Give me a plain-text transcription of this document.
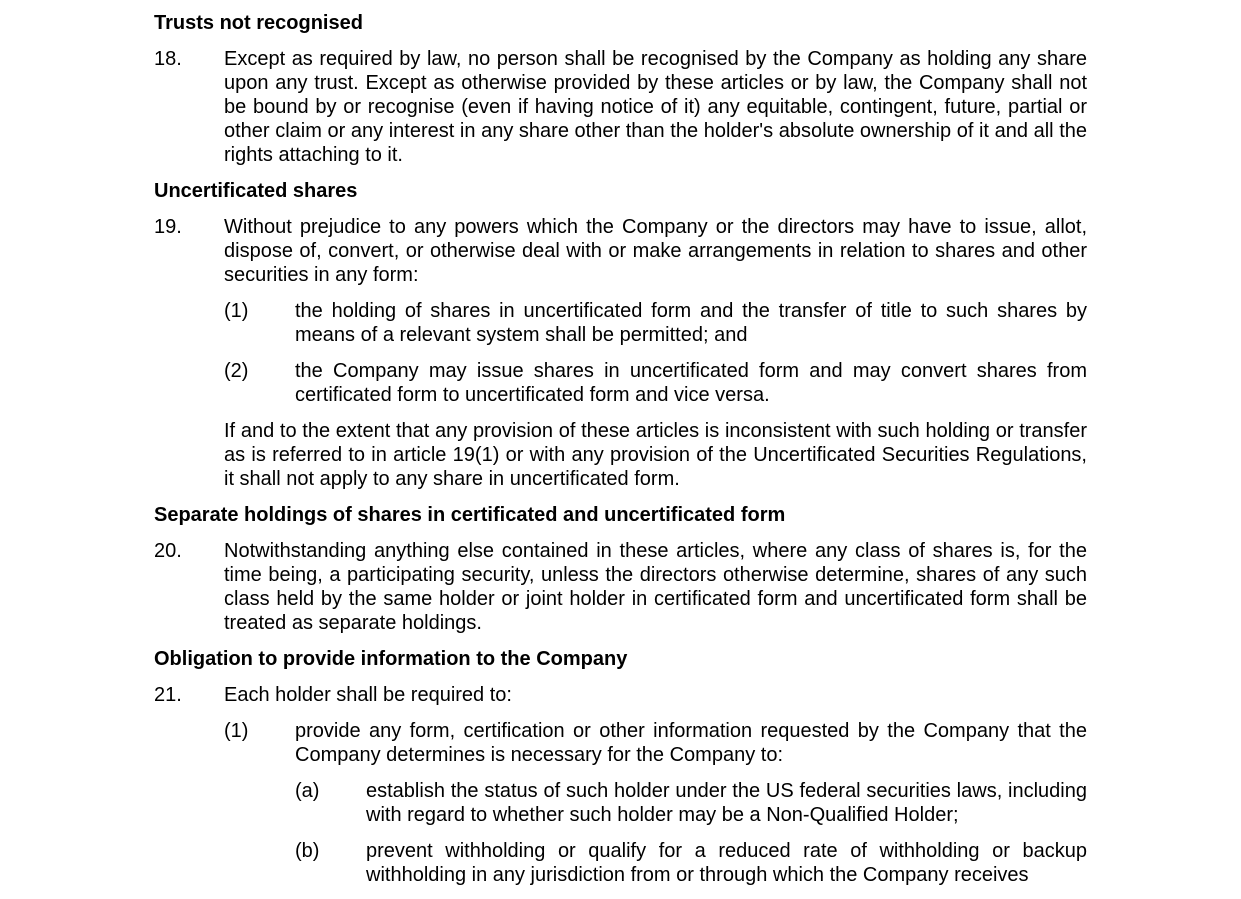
Trusts not recognised
18. Except as required by law, no person shall be recognised by the Company as holding any share upon any trust. Except as otherwise provided by these articles or by law, the Company shall not be bound by or recognise (even if having notice of it) any equitable, contingent, future, partial or other claim or any interest in any share other than the holder's absolute ownership of it and all the rights attaching to it.
Uncertificated shares
19. Without prejudice to any powers which the Company or the directors may have to issue, allot, dispose of, convert, or otherwise deal with or make arrangements in relation to shares and other securities in any form:
(1) the holding of shares in uncertificated form and the transfer of title to such shares by means of a relevant system shall be permitted; and
(2) the Company may issue shares in uncertificated form and may convert shares from certificated form to uncertificated form and vice versa.
If and to the extent that any provision of these articles is inconsistent with such holding or transfer as is referred to in article 19(1) or with any provision of the Uncertificated Securities Regulations, it shall not apply to any share in uncertificated form.
Separate holdings of shares in certificated and uncertificated form
20. Notwithstanding anything else contained in these articles, where any class of shares is, for the time being, a participating security, unless the directors otherwise determine, shares of any such class held by the same holder or joint holder in certificated form and uncertificated form shall be treated as separate holdings.
Obligation to provide information to the Company
21. Each holder shall be required to:
(1) provide any form, certification or other information requested by the Company that the Company determines is necessary for the Company to:
(a) establish the status of such holder under the US federal securities laws, including with regard to whether such holder may be a Non-Qualified Holder;
(b) prevent withholding or qualify for a reduced rate of withholding or backup withholding in any jurisdiction from or through which the Company receives
